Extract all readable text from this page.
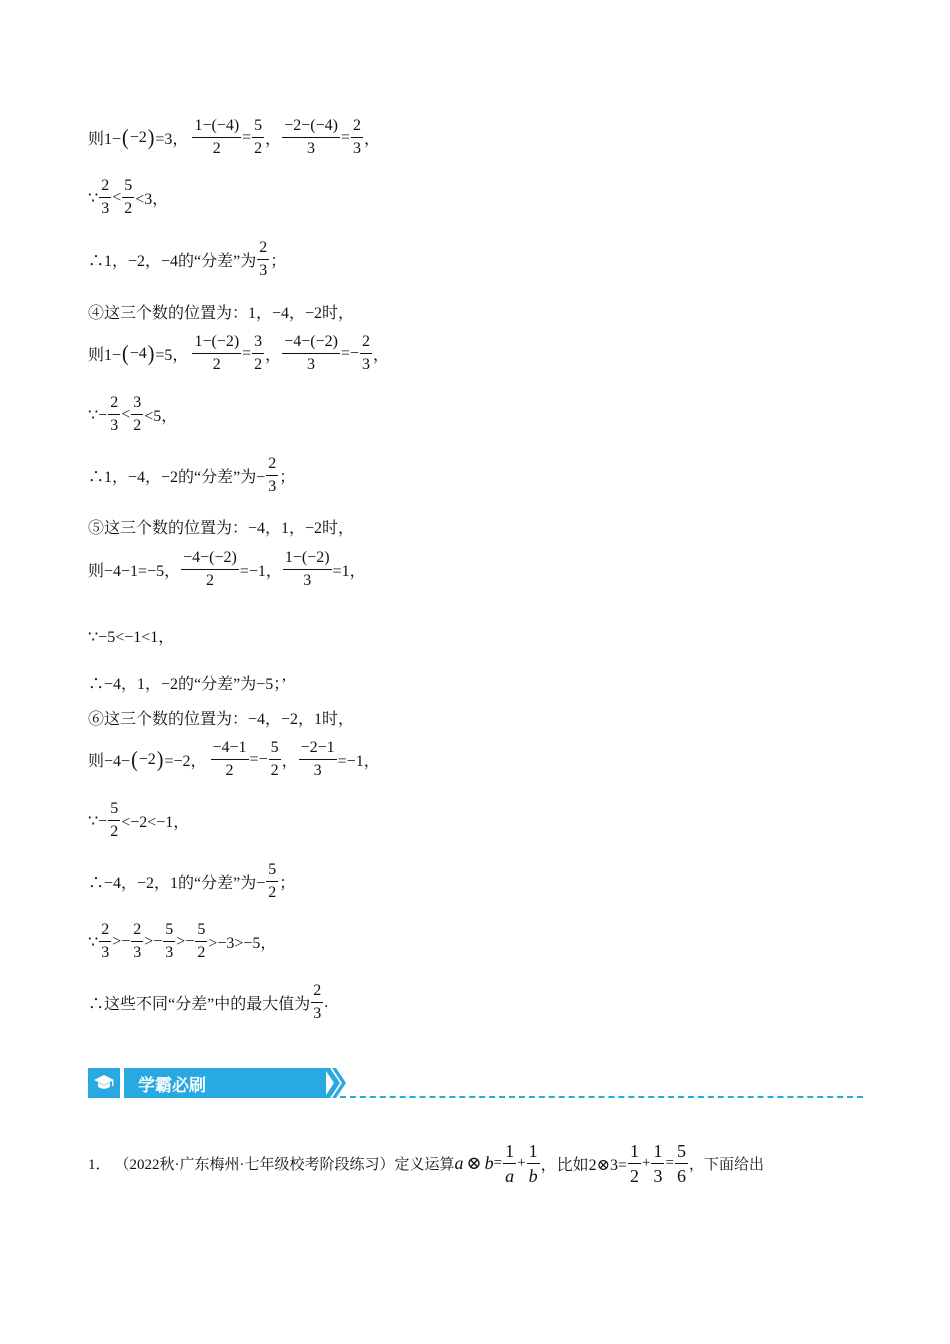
则1− ( −2 ) =3， $\frac{1-(-4)}{2} = \frac{5}{2}$ ， $\frac{-2-(-4)}{3} = \frac{2}{3}$ ，
∵ $\frac{2}{3} < \frac{5}{2} <3$，
∴1，−2，−4的“分差”为 $\frac{2}{3}$ ；
④这三个数的位置为：1，−4，−2时，
则1− ( −4 ) =5， $\frac{1-(-2)}{2} = \frac{3}{2}$ ， $\frac{-4-(-2)}{3} =- \frac{2}{3}$ ，
∵− $\frac{2}{3} < \frac{3}{2} <5$，
∴1，−4，−2的“分差”为− $\frac{2}{3}$ ；
⑤这三个数的位置为：−4，1，−2时，
则−4−1=−5， $\frac{-4-(-2)}{2} =-1$， $\frac{1-(-2)}{3} =1$，
∵−5<−1<1，
∴−4，1，−2的“分差”为−5；’
⑥这三个数的位置为：−4，−2，1时，
则−4− ( −2 ) =−2， $\frac{-4-1}{2} =- \frac{5}{2}$ ， $\frac{-2-1}{3} =-1$，
∵− $\frac{5}{2} <-2<-1$，
∴−4，−2，1的“分差”为− $\frac{5}{2}$ ；
∵ $\frac{2}{3} >- \frac{2}{3} >- \frac{5}{3} >- \frac{5}{2} >-3>-5$，
∴这些不同“分差”中的最大值为 $\frac{2}{3}$ .
学霸必刷
1． （2022秋·广东梅州·七年级校考阶段练习） 定义运算 a ⊗ $b = \frac{1}{a} + \frac{1}{b}$ ，比如2⊗3= $\frac{1}{2} + \frac{1}{3} = \frac{5}{6}$ ，下面给出
